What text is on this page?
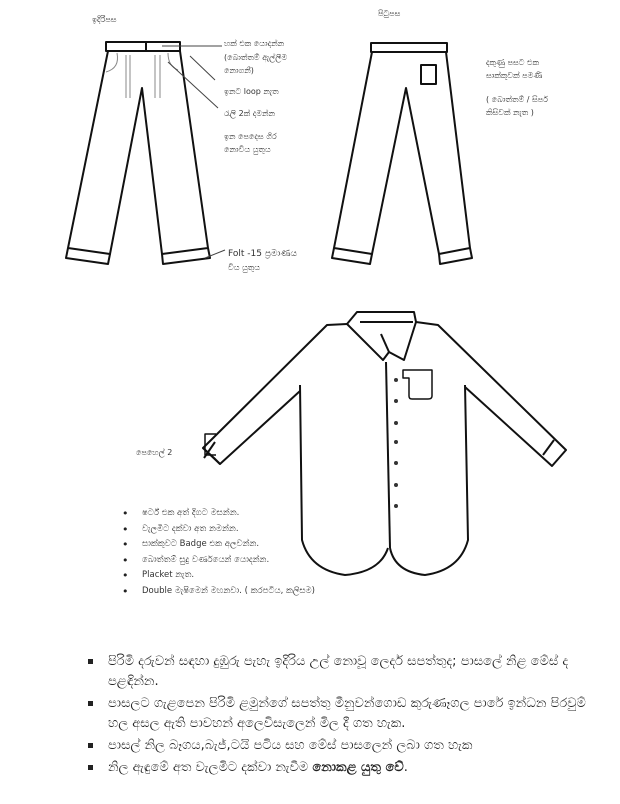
ඉදිරිපස
හක් එක යොදන්න
(බොත්තම් ඇල්ලීම
නොගනී)
ඉනට loop නැත
රැලි 2ක් දමන්න
ඉන පෙදෙස ගිර
නොවිය යුතුය
Folt -15 ප්‍රමාණය
විය යුතුය
පිටුපස
දකුණු පසට එක
සාක්කුවක් පමණි
( බොත්තම් / සිපර්
කිසිවක් නැත )
පෙහෙල් 2
• ෂර්ට් එක අත් දිගට මසන්න.
• වැලමිට දක්වා අත නමන්න.
• සාක්කුවට Badge එක අලවන්න.
• බොත්තම් සුදු වර්ණයෙන් යොදන්න.
• Placket නැත.
• Double මැෂිමෙන් මහනවා. ( කරපටිය, කලිසම)
පිරිමි දරුවන් සඳහා දුඹුරු පැහැ ඉදිරිය උල් නොවූ ලෙදර් සපත්තුද; පාසලේ නිළ මේස් ද පළඳින්න.
පාසලට ගැළපෙන පිරිමි ළමුන්ගේ සපත්තු මීනුවන්ගොඩ කුරුණෑගල පාරේ ඉන්ධන පිරවුම් හල අසල ඇති පාවහන් අලෙවිසැලෙන් මිල දී ගත හැක.
පාසල් නිල බෑගය,බැජ්,ටයි පටිය සහ මේස් පාසලෙන් ලබා ගත හැක
නිල ඇඳුමේ අත වැලමිට දක්වා නැවීම නොකළ යුතු වේ.
